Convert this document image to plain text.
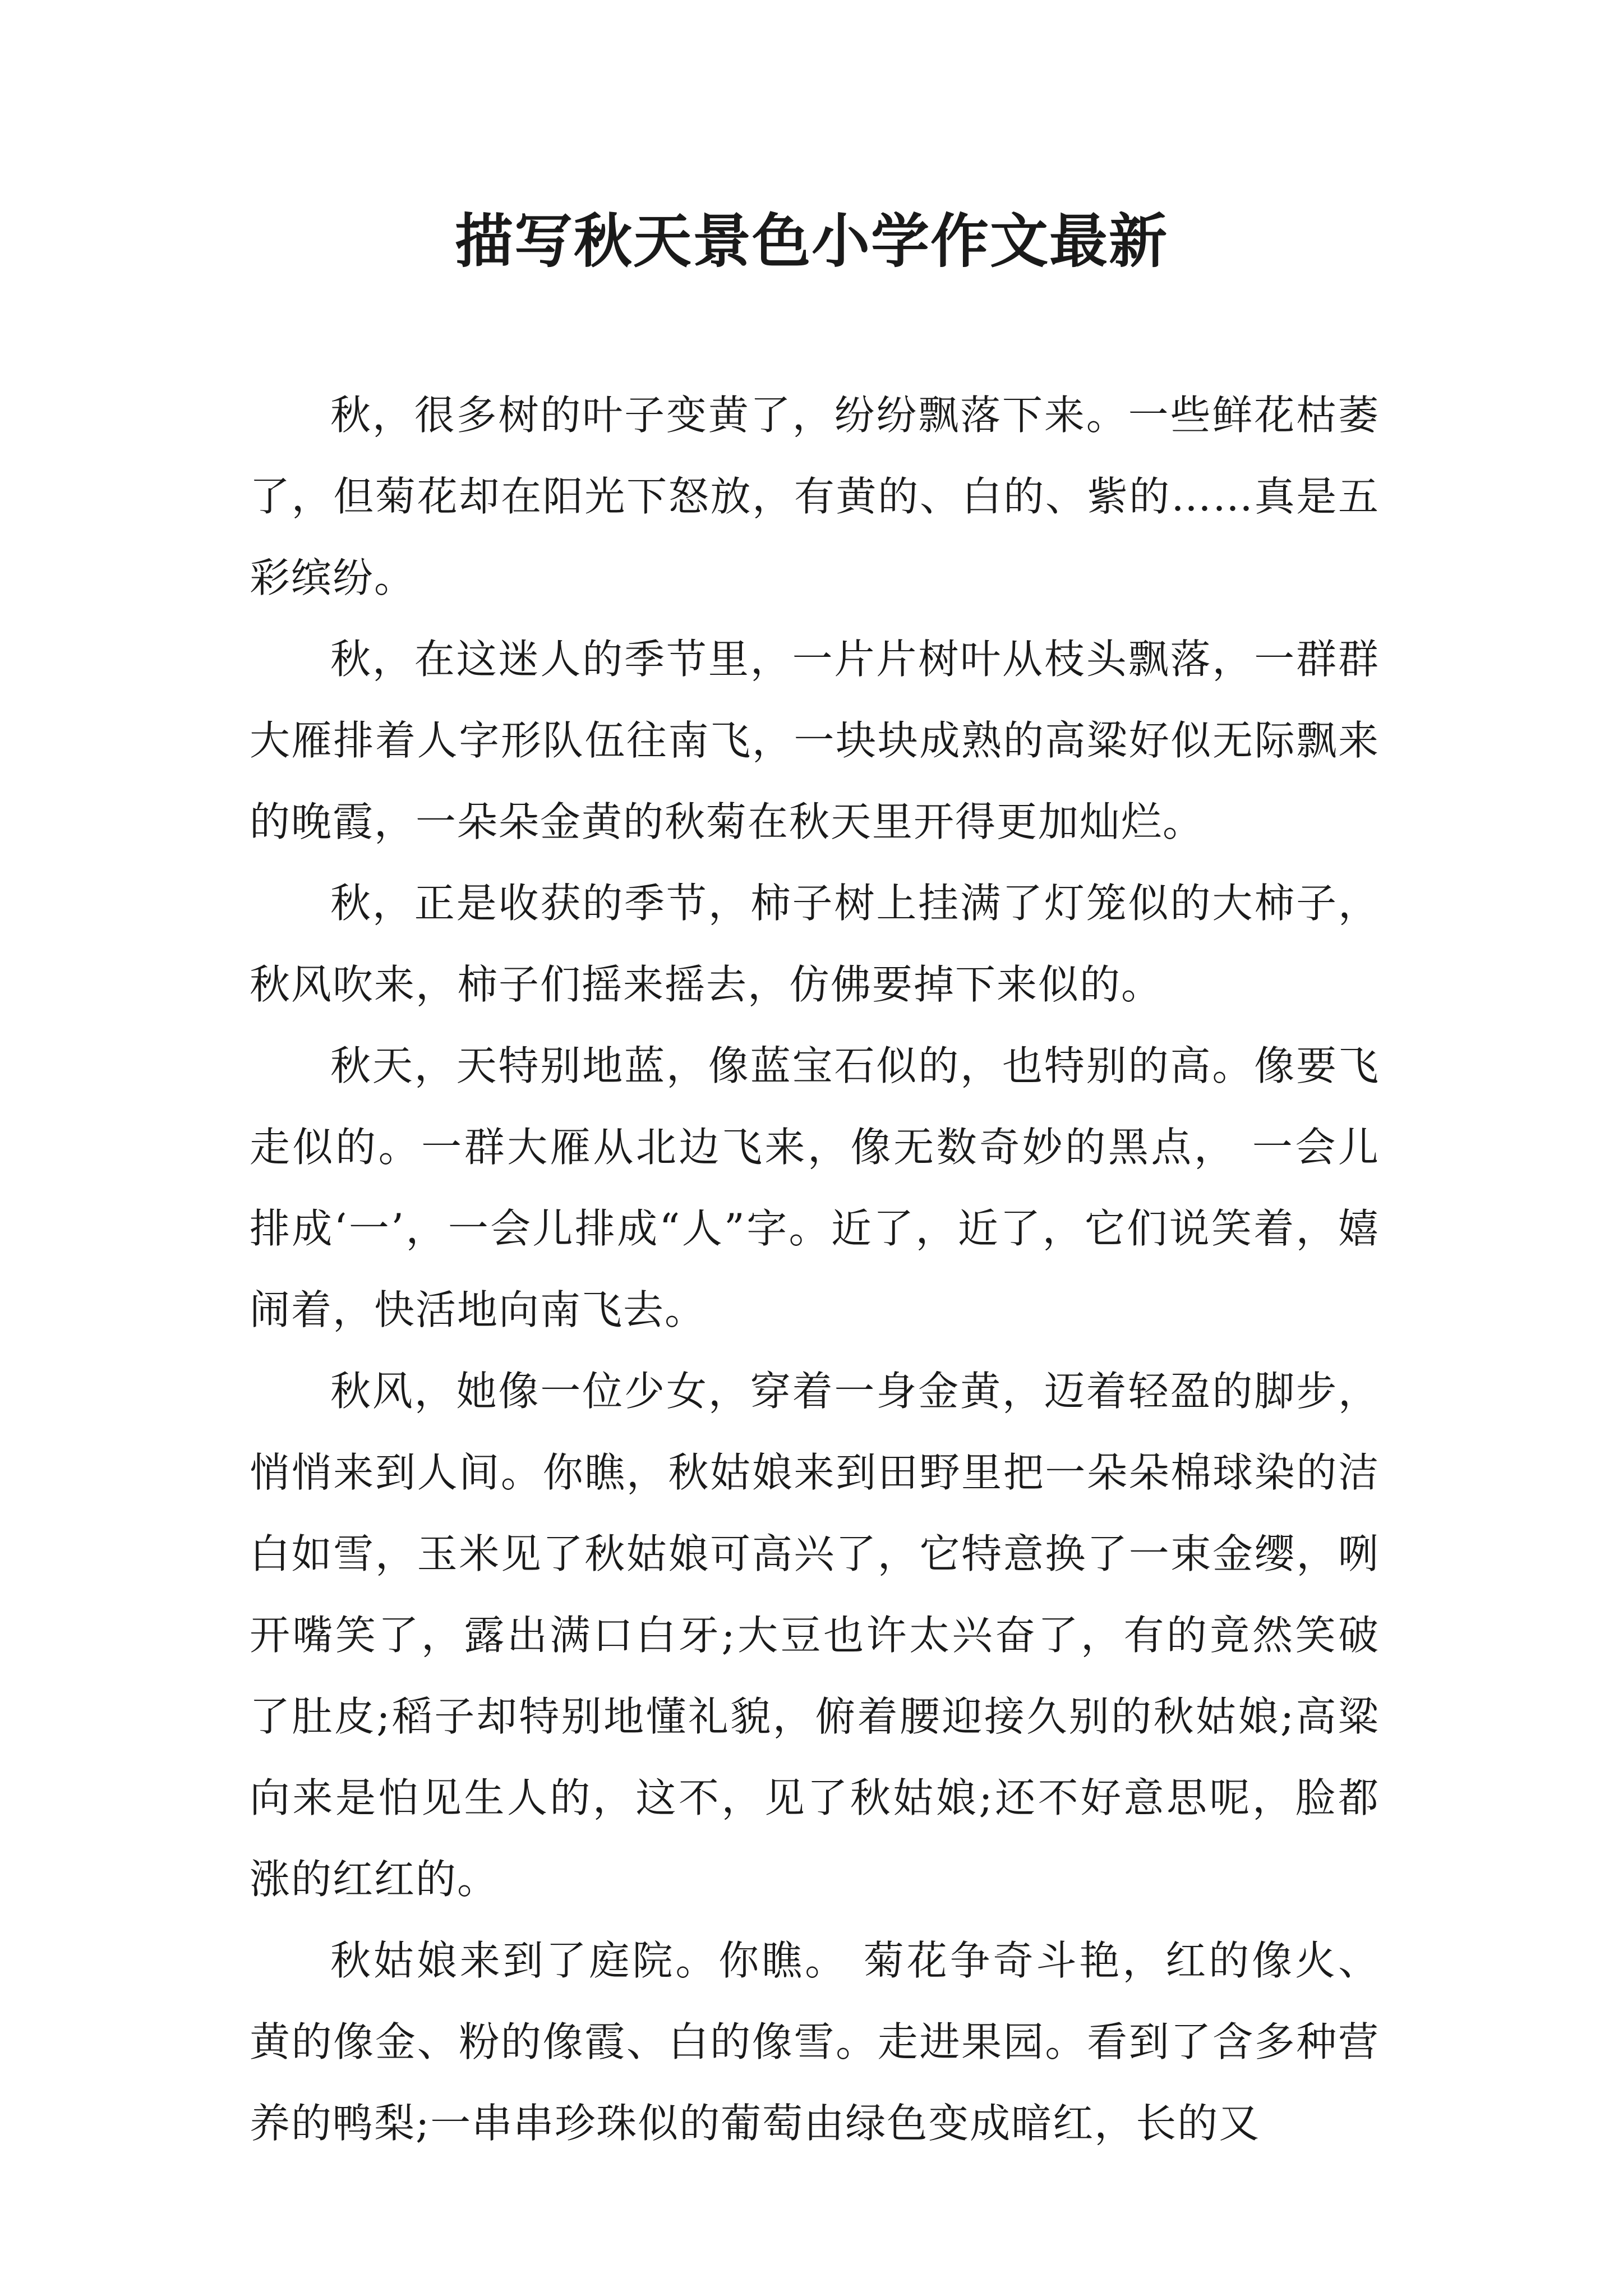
描写秋天景色小学作文最新

秋，很多树的叶子变黄了，纷纷飘落下来。一些鲜花枯萎了，但菊花却在阳光下怒放，有黄的、白的、紫的……真是五彩缤纷。

秋，在这迷人的季节里，一片片树叶从枝头飘落，一群群大雁排着人字形队伍往南飞，一块块成熟的高粱好似无际飘来的晚霞，一朵朵金黄的秋菊在秋天里开得更加灿烂。

秋，正是收获的季节，柿子树上挂满了灯笼似的大柿子，秋风吹来，柿子们摇来摇去，仿佛要掉下来似的。

秋天，天特别地蓝，像蓝宝石似的，也特别的高。像要飞走似的。一群大雁从北边飞来，像无数奇妙的黑点， 一会儿排成‘一’，一会儿排成“人”字。近了，近了，它们说笑着，嬉闹着，快活地向南飞去。

秋风，她像一位少女，穿着一身金黄，迈着轻盈的脚步，悄悄来到人间。你瞧，秋姑娘来到田野里把一朵朵棉球染的洁白如雪，玉米见了秋姑娘可高兴了，它特意换了一束金缨，咧开嘴笑了，露出满口白牙;大豆也许太兴奋了，有的竟然笑破了肚皮;稻子却特别地懂礼貌，俯着腰迎接久别的秋姑娘;高粱向来是怕见生人的，这不，见了秋姑娘;还不好意思呢，脸都涨的红红的。

秋姑娘来到了庭院。你瞧。 菊花争奇斗艳，红的像火、黄的像金、粉的像霞、白的像雪。走进果园。看到了含多种营养的鸭梨;一串串珍珠似的葡萄由绿色变成暗红，长的又
